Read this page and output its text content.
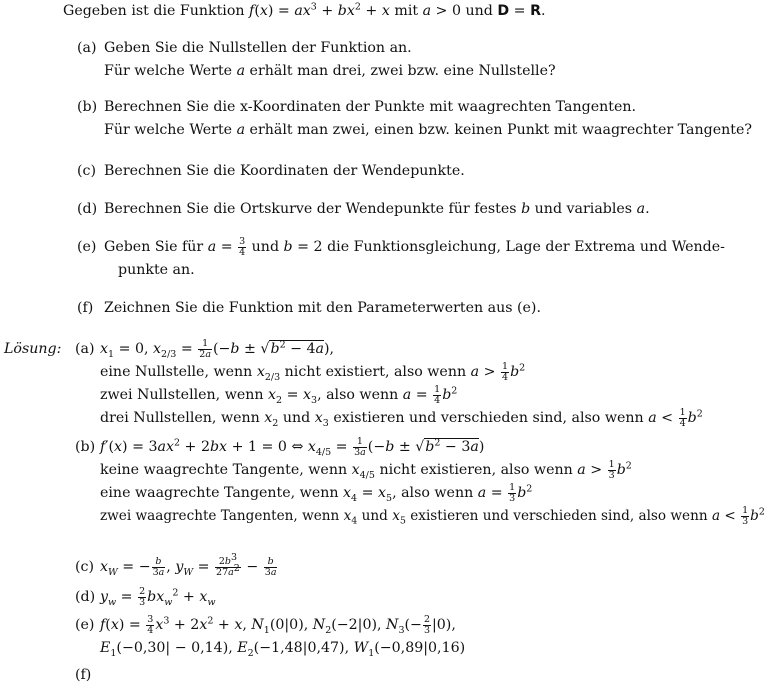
Gegeben ist die Funktion $f(x) = ax^3 + bx^2 + x$ mit a > 0 und D = R.
(a) Geben Sie die Nullstellen der Funktion an.
Für welche Werte a erhält man drei, zwei bzw. eine Nullstelle?
(b) Berechnen Sie die x-Koordinaten der Punkte mit waagrechten Tangenten.
Für welche Werte a erhält man zwei, einen bzw. keinen Punkt mit waagrechter Tangente?
(c) Berechnen Sie die Koordinaten der Wendepunkte.
(d) Berechnen Sie die Ortskurve der Wendepunkte für festes b und variables a.
(e) Geben Sie für $a = \frac{3}{4}$ und b = 2 die Funktionsgleichung, Lage der Extrema und Wende-
punkte an.
(f) Zeichnen Sie die Funktion mit den Parameterwerten aus (e).
Lösung: (a) $x_1 = 0$, $x_{2/3} = \frac{1}{2a} (-b \pm √b^2 - 4a)$,
eine Nullstelle, wenn $x_{2/3}$ nicht existiert, also wenn $a > \frac{1}{4} b^2$
zwei Nullstellen, wenn $x_2 = x_3$, also wenn $a = \frac{1}{4} b^2$
drei Nullstellen, wenn $x_2$ und $x_3$ existieren und verschieden sind, also wenn $a < \frac{1}{4} b^2$
(b) $f'(x) = 3ax^2 + 2bx + 1 = 0$ ⇔ $x_{4/5} = \frac{1}{3a} (-b \pm √b^2 - 3a)$
keine waagrechte Tangente, wenn $x_{4/5}$ nicht existieren, also wenn $a > \frac{1}{3} b^2$
eine waagrechte Tangente, wenn $x_4 = x_5$, also wenn $a = \frac{1}{3} b^2$
zwei waagrechte Tangenten, wenn $x_4$ und $x_5$ existieren und verschieden sind, also wenn $a < \frac{1}{3} b^2$
(c) $x_W$ = − $\frac{b}{3a}$ , $y_W = \frac{2b^3}{27a^2} - \frac{b}{3a}$
(d) $y_w = \frac{2}{3} bx_w^2 + x_w$
(e) $f(x) = \frac{3}{4} x^3 + 2x^2 + x$, $N_1(0|0)$, $N_2(-2|0)$, $N_3(- \frac{2}{3} |0)$,
$E_1(-0,30| - 0,14)$, $E_2(-1,48|0,47)$, $W_1(-0,89|0,16)$
(f)
